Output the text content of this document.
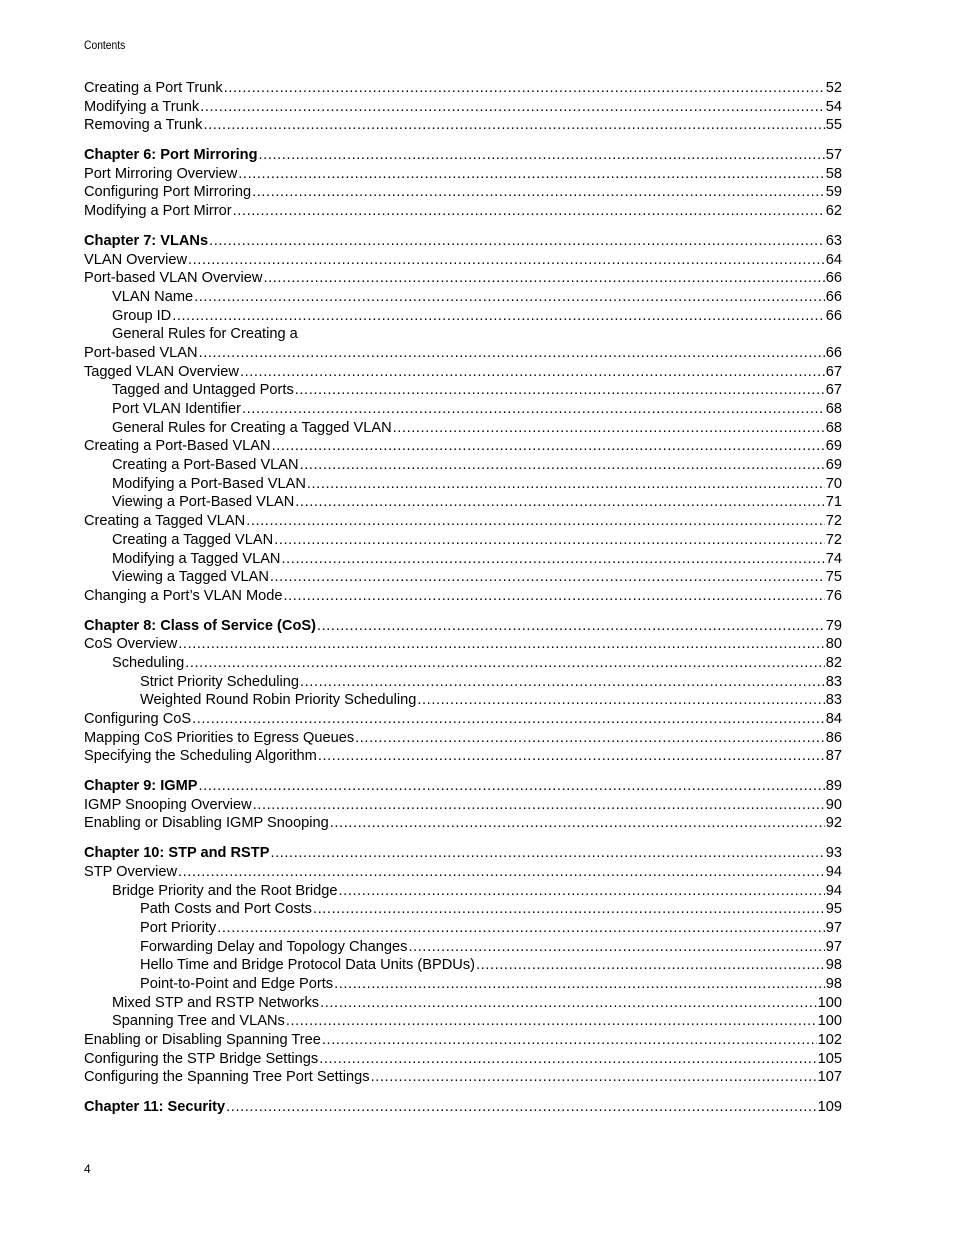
Contents
Creating a Port Trunk .....	52
Modifying a Trunk .....	54
Removing a Trunk .....	55
Chapter 6: Port Mirroring .....	57
Port Mirroring Overview .....	58
Configuring Port Mirroring .....	59
Modifying a Port Mirror .....	62
Chapter 7: VLANs .....	63
VLAN Overview .....	64
Port-based VLAN Overview .....	66
VLAN Name .....	66
Group ID .....	66
General Rules for Creating a
Port-based VLAN .....	66
Tagged VLAN Overview .....	67
Tagged and Untagged Ports .....	67
Port VLAN Identifier .....	68
General Rules for Creating a Tagged VLAN .....	68
Creating a Port-Based VLAN .....	69
Creating a Port-Based VLAN .....	69
Modifying a Port-Based VLAN .....	70
Viewing a Port-Based VLAN .....	71
Creating a Tagged VLAN .....	72
Creating a Tagged VLAN .....	72
Modifying a Tagged VLAN .....	74
Viewing a Tagged VLAN .....	75
Changing a Port’s VLAN Mode .....	76
Chapter 8: Class of Service (CoS) .....	79
CoS Overview .....	80
Scheduling .....	82
Strict Priority Scheduling .....	83
Weighted Round Robin Priority Scheduling .....	83
Configuring CoS .....	84
Mapping CoS Priorities to Egress Queues .....	86
Specifying the Scheduling Algorithm .....	87
Chapter 9: IGMP .....	89
IGMP Snooping Overview .....	90
Enabling or Disabling IGMP Snooping .....	92
Chapter 10: STP and RSTP .....	93
STP Overview .....	94
Bridge Priority and the Root Bridge .....	94
Path Costs and Port Costs .....	95
Port Priority .....	97
Forwarding Delay and Topology Changes .....	97
Hello Time and Bridge Protocol Data Units (BPDUs) .....	98
Point-to-Point and Edge Ports .....	98
Mixed STP and RSTP Networks .....	100
Spanning Tree and VLANs .....	100
Enabling or Disabling Spanning Tree .....	102
Configuring the STP Bridge Settings .....	105
Configuring the Spanning Tree Port Settings .....	107
Chapter 11: Security .....	109
4
